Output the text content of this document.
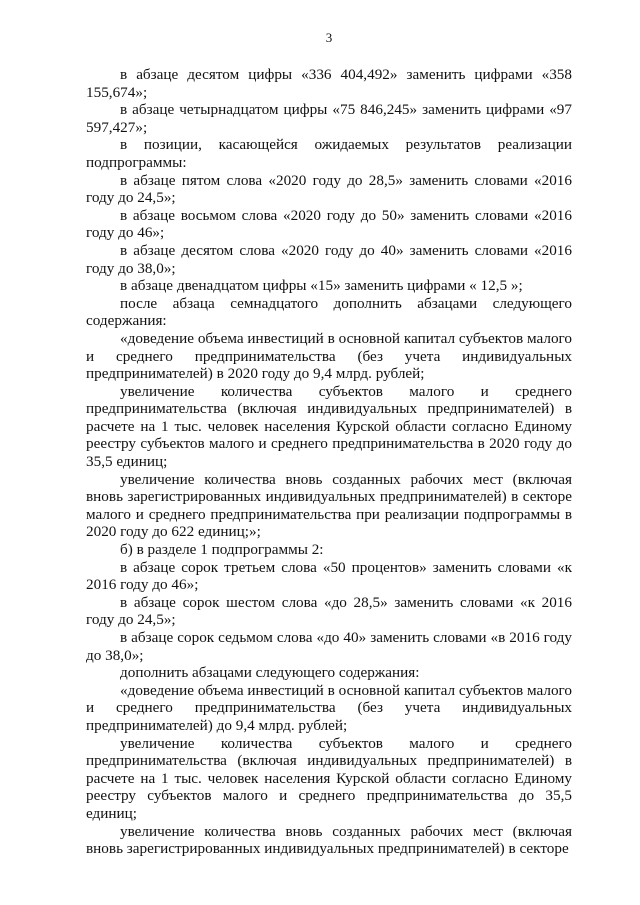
3

в абзаце десятом цифры «336 404,492» заменить цифрами «358 155,674»;

в абзаце четырнадцатом цифры «75 846,245» заменить цифрами «97 597,427»;

в позиции, касающейся ожидаемых результатов реализации подпрограммы:

в абзаце пятом слова «2020 году до 28,5» заменить словами «2016 году до 24,5»;

в абзаце восьмом слова «2020 году до 50» заменить словами «2016 году до 46»;

в абзаце десятом слова «2020 году до 40» заменить словами «2016 году до 38,0»;

в абзаце двенадцатом цифры «15» заменить цифрами « 12,5 »;

после абзаца семнадцатого дополнить абзацами следующего содержания:

«доведение объема инвестиций в основной капитал субъектов малого и среднего предпринимательства (без учета индивидуальных предпринимателей) в 2020 году до 9,4 млрд. рублей;

увеличение количества субъектов малого и среднего предпринимательства (включая индивидуальных предпринимателей) в расчете на 1 тыс. человек населения Курской области согласно Единому реестру субъектов малого и среднего предпринимательства в 2020 году до 35,5 единиц;

увеличение количества вновь созданных рабочих мест (включая вновь зарегистрированных индивидуальных предпринимателей) в секторе малого и среднего предпринимательства при реализации подпрограммы в 2020 году до 622 единиц;»;

б) в разделе 1 подпрограммы 2:

в абзаце сорок третьем слова «50 процентов» заменить словами «к 2016 году до 46»;

в абзаце сорок шестом слова «до 28,5» заменить словами «к 2016 году до 24,5»;

в абзаце сорок седьмом слова «до 40» заменить словами «в 2016 году до 38,0»;

дополнить абзацами следующего содержания:

«доведение объема инвестиций в основной капитал субъектов малого и среднего предпринимательства (без учета индивидуальных предпринимателей) до 9,4 млрд. рублей;

увеличение количества субъектов малого и среднего предпринимательства (включая индивидуальных предпринимателей) в расчете на 1 тыс. человек населения Курской области согласно Единому реестру субъектов малого и среднего предпринимательства до 35,5 единиц;

увеличение количества вновь созданных рабочих мест (включая вновь зарегистрированных индивидуальных предпринимателей) в секторе
